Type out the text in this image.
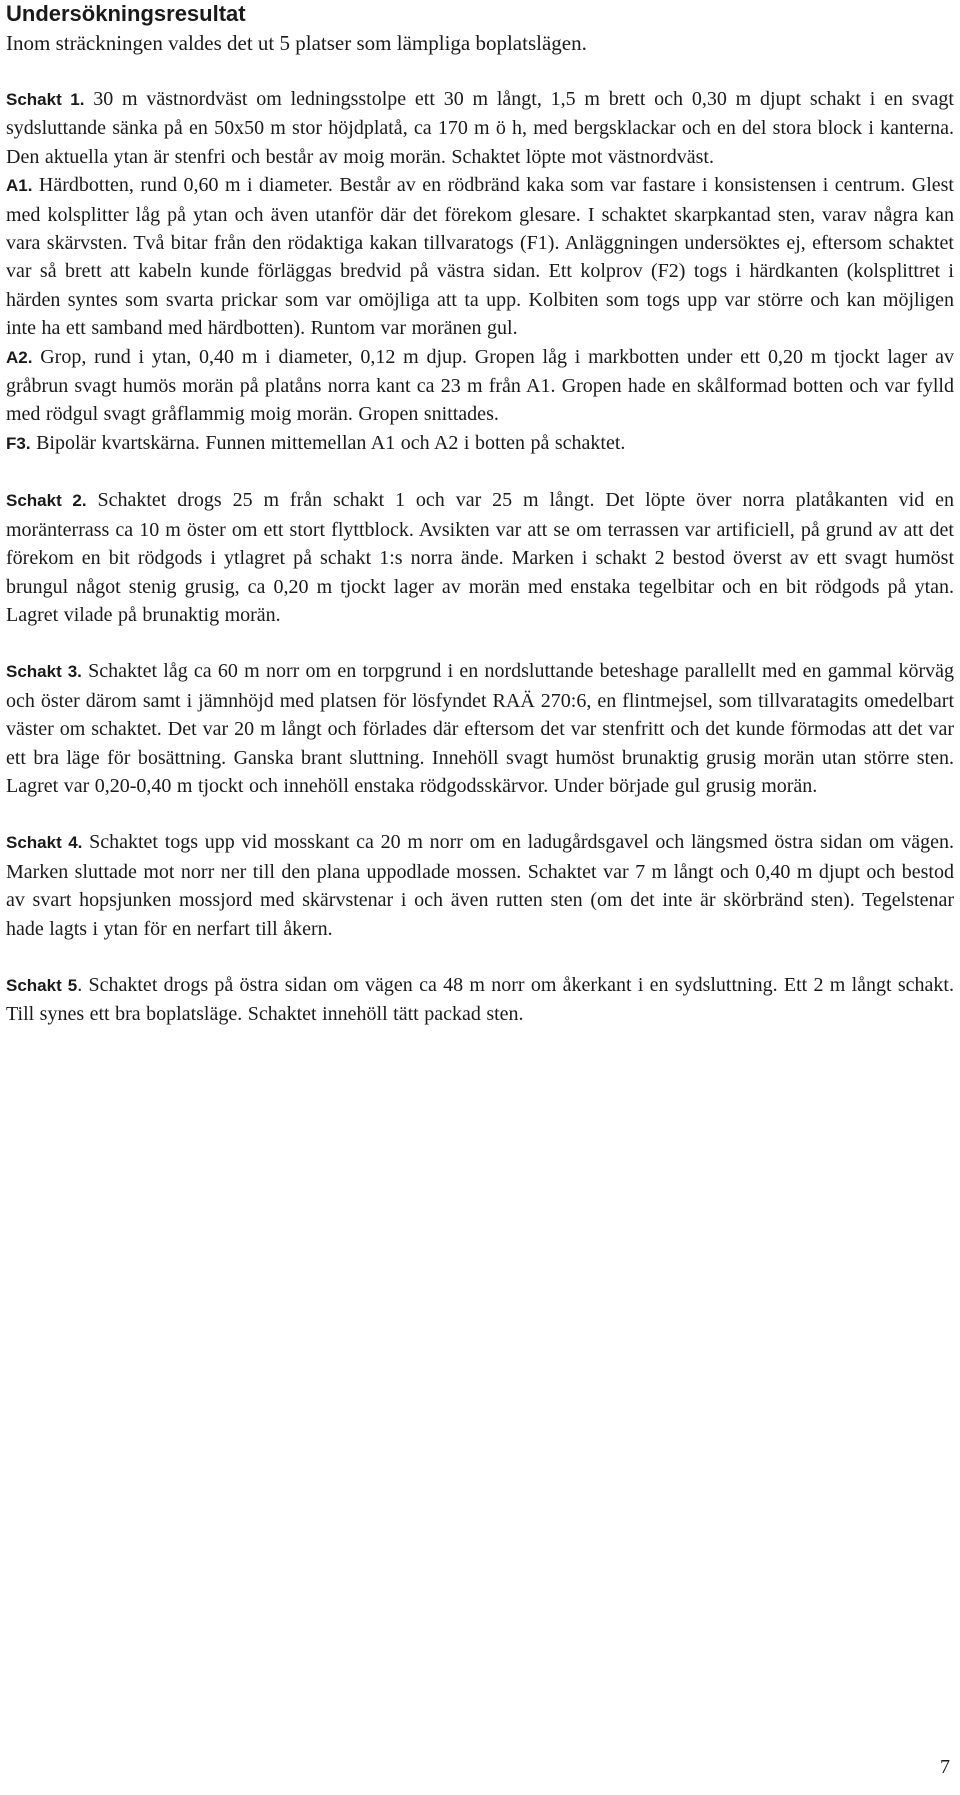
Undersökningsresultat
Inom sträckningen valdes det ut 5 platser som lämpliga boplatslägen.

Schakt 1. 30 m västnordväst om ledningsstolpe ett 30 m långt, 1,5 m brett och 0,30 m djupt schakt i en svagt sydsluttande sänka på en 50x50 m stor höjdplatå, ca 170 m ö h, med bergsklackar och en del stora block i kanterna. Den aktuella ytan är stenfri och består av moig morän. Schaktet löpte mot västnordväst.

A1. Härdbotten, rund 0,60 m i diameter. Består av en rödbränd kaka som var fastare i konsistensen i centrum. Glest med kolsplitter låg på ytan och även utanför där det förekom glesare. I schaktet skarpkantad sten, varav några kan vara skärvsten. Två bitar från den rödaktiga kakan tillvaratogs (F1). Anläggningen undersöktes ej, eftersom schaktet var så brett att kabeln kunde förläggas bredvid på västra sidan. Ett kolprov (F2) togs i härdkanten (kolsplittret i härden syntes som svarta prickar som var omöjliga att ta upp. Kolbiten som togs upp var större och kan möjligen inte ha ett samband med härdbotten). Runtom var moränen gul.

A2. Grop, rund i ytan, 0,40 m i diameter, 0,12 m djup. Gropen låg i markbotten under ett 0,20 m tjockt lager av gråbrun svagt humös morän på platåns norra kant ca 23 m från A1. Gropen hade en skålformad botten och var fylld med rödgul svagt gråflammig moig morän. Gropen snittades.

F3. Bipolär kvartskärna. Funnen mittemellan A1 och A2 i botten på schaktet.

Schakt 2. Schaktet drogs 25 m från schakt 1 och var 25 m långt. Det löpte över norra platåkanten vid en moränterrass ca 10 m öster om ett stort flyttblock. Avsikten var att se om terrassen var artificiell, på grund av att det förekom en bit rödgods i ytlagret på schakt 1:s norra ände. Marken i schakt 2 bestod överst av ett svagt humöst brungul något stenig grusig, ca 0,20 m tjockt lager av morän med enstaka tegelbitar och en bit rödgods på ytan. Lagret vilade på brunaktig morän.

Schakt 3. Schaktet låg ca 60 m norr om en torpgrund i en nordsluttande beteshage parallellt med en gammal körväg och öster därom samt i jämnhöjd med platsen för lösfyndet RAÄ 270:6, en flintmejsel, som tillvaratagits omedelbart väster om schaktet. Det var 20 m långt och förlades där eftersom det var stenfritt och det kunde förmodas att det var ett bra läge för bosättning. Ganska brant sluttning. Innehöll svagt humöst brunaktig grusig morän utan större sten. Lagret var 0,20-0,40 m tjockt och innehöll enstaka rödgodsskärvor. Under började gul grusig morän.

Schakt 4. Schaktet togs upp vid mosskant ca 20 m norr om en ladugårdsgavel och längsmed östra sidan om vägen. Marken sluttade mot norr ner till den plana uppodlade mossen. Schaktet var 7 m långt och 0,40 m djupt och bestod av svart hopsjunken mossjord med skärvstenar i och även rutten sten (om det inte är skörbränd sten). Tegelstenar hade lagts i ytan för en nerfart till åkern.

Schakt 5. Schaktet drogs på östra sidan om vägen ca 48 m norr om åkerkant i en sydsluttning. Ett 2 m långt schakt. Till synes ett bra boplatsläge. Schaktet innehöll tätt packad sten.

7
